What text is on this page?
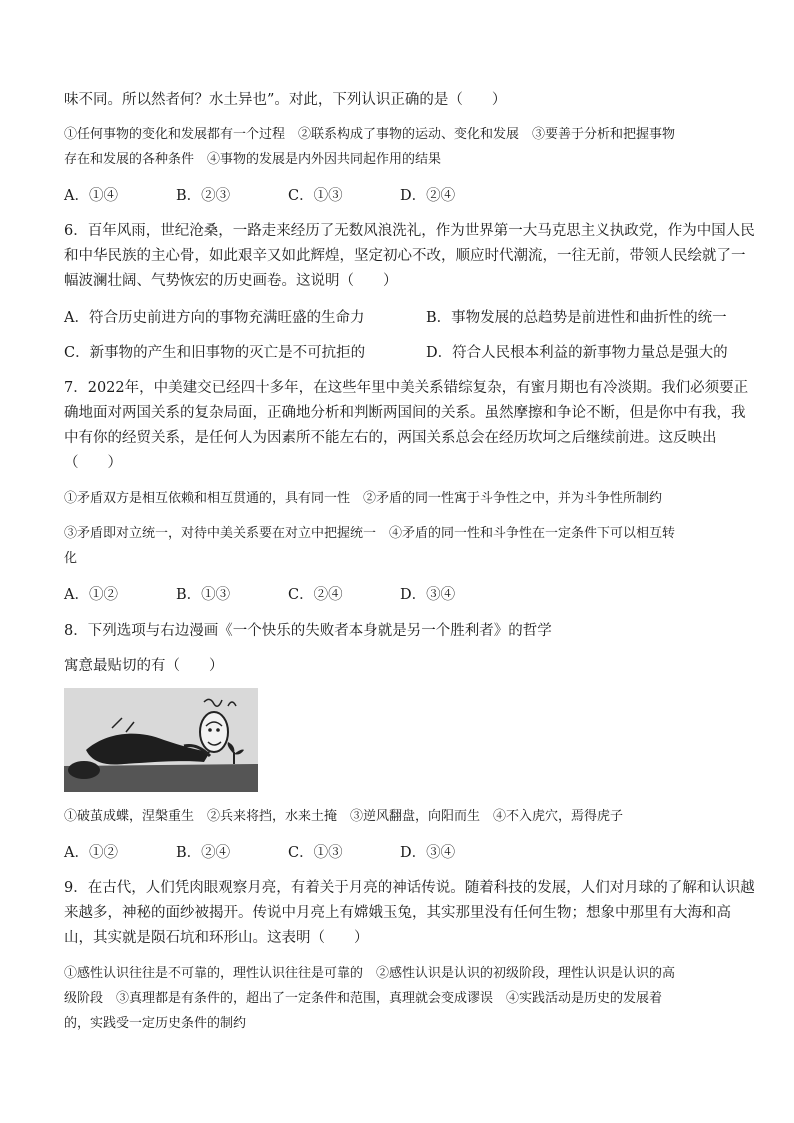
味不同。所以然者何？水土异也”。对此，下列认识正确的是（　　）
①任何事物的变化和发展都有一个过程　②联系构成了事物的运动、变化和发展　③要善于分析和把握事物
存在和发展的各种条件　④事物的发展是内外因共同起作用的结果
A．①④	B．②③	C．①③	D．②④
6．百年风雨，世纪沧桑，一路走来经历了无数风浪洗礼，作为世界第一大马克思主义执政党，作为中国人民
和中华民族的主心骨，如此艰辛又如此辉煌，坚定初心不改，顺应时代潮流，一往无前，带领人民绘就了一
幅波澜壮阔、气势恢宏的历史画卷。这说明（　　）
A．符合历史前进方向的事物充满旺盛的生命力	B．事物发展的总趋势是前进性和曲折性的统一
C．新事物的产生和旧事物的灭亡是不可抗拒的	D．符合人民根本利益的新事物力量总是强大的
7．2022年，中美建交已经四十多年，在这些年里中美关系错综复杂，有蜜月期也有冷淡期。我们必须要正
确地面对两国关系的复杂局面，正确地分析和判断两国间的关系。虽然摩擦和争论不断，但是你中有我，我
中有你的经贸关系，是任何人为因素所不能左右的，两国关系总会在经历坎坷之后继续前进。这反映出
（　　）
①矛盾双方是相互依赖和相互贯通的，具有同一性　②矛盾的同一性寓于斗争性之中，并为斗争性所制约
③矛盾即对立统一，对待中美关系要在对立中把握统一　④矛盾的同一性和斗争性在一定条件下可以相互转
化
A．①②	B．①③	C．②④	D．③④
8．下列选项与右边漫画《一个快乐的失败者本身就是另一个胜利者》的哲学
寓意最贴切的有（　　）
①破茧成蝶，涅槃重生　②兵来将挡，水来土掩　③逆风翻盘，向阳而生　④不入虎穴，焉得虎子
A．①②	B．②④	C．①③	D．③④
9．在古代，人们凭肉眼观察月亮，有着关于月亮的神话传说。随着科技的发展，人们对月球的了解和认识越
来越多，神秘的面纱被揭开。传说中月亮上有嫦娥玉兔，其实那里没有任何生物；想象中那里有大海和高
山，其实就是陨石坑和环形山。这表明（　　）
①感性认识往往是不可靠的，理性认识往往是可靠的　②感性认识是认识的初级阶段，理性认识是认识的高
级阶段　③真理都是有条件的，超出了一定条件和范围，真理就会变成谬误　④实践活动是历史的发展着
的，实践受一定历史条件的制约
